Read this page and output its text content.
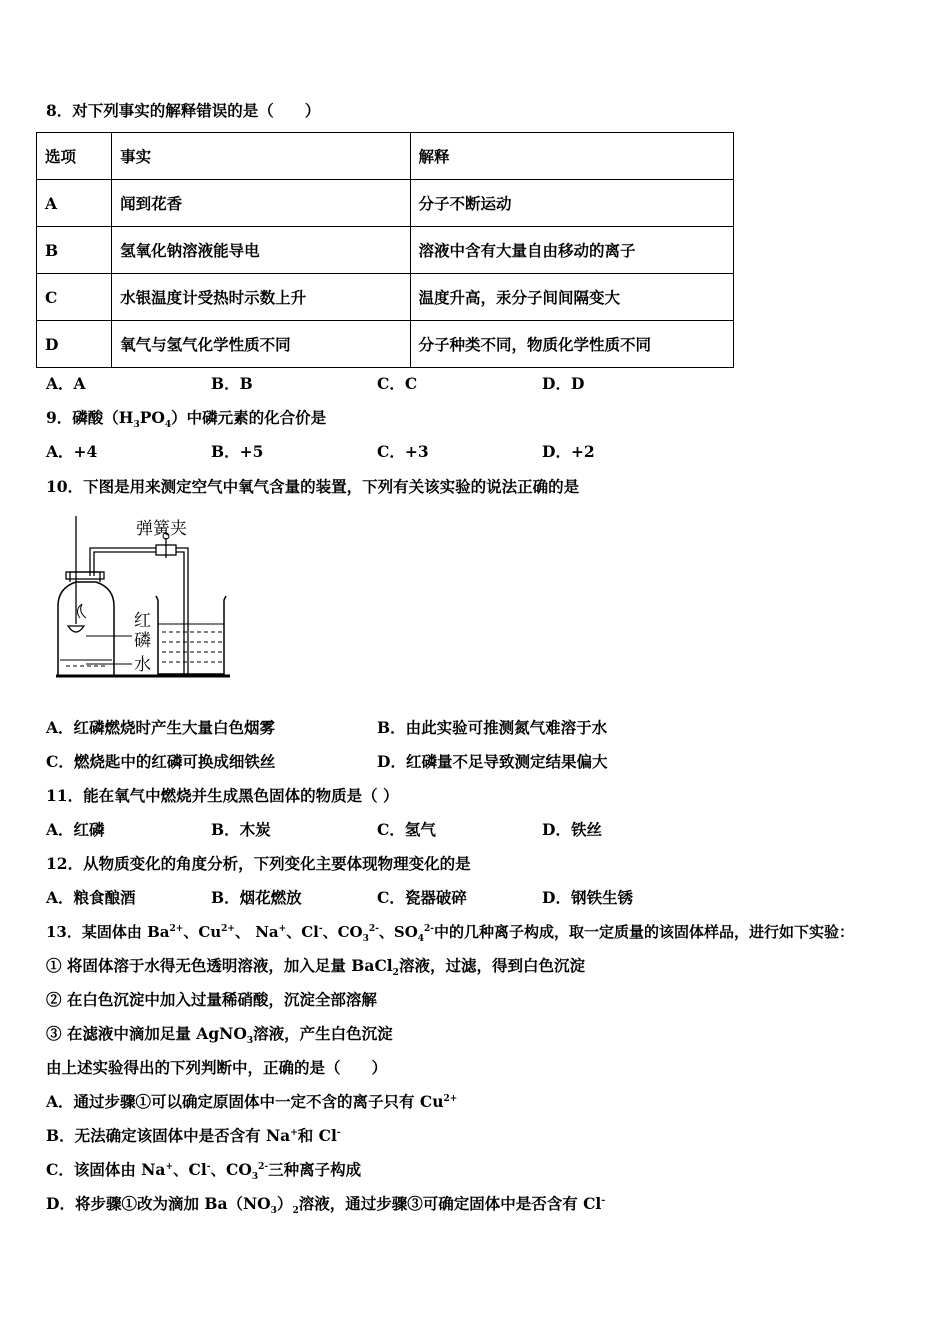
8．对下列事实的解释错误的是（　　）
选项	事实	解释
A	闻到花香	分子不断运动
B	氢氧化钠溶液能导电	溶液中含有大量自由移动的离子
C	水银温度计受热时示数上升	温度升高，汞分子间间隔变大
D	氧气与氢气化学性质不同	分子种类不同，物质化学性质不同
A．A	B．B	C．C	D．D
9．磷酸$(H_3PO_4)$中磷元素的化合价是
A．+4	B．+5	C．+3	D．+2
10．下图是用来测定空气中氧气含量的装置，下列有关该实验的说法正确的是
弹簧夹
红
磷
水
A．红磷燃烧时产生大量白色烟雾	B．由此实验可推测氮气难溶于水
C．燃烧匙中的红磷可换成细铁丝	D．红磷量不足导致测定结果偏大
11．能在氧气中燃烧并生成黑色固体的物质是（ ）
A．红磷	B．木炭	C．氢气	D．铁丝
12．从物质变化的角度分析，下列变化主要体现物理变化的是
A．粮食酿酒	B．烟花燃放	C．瓷器破碎	D．钢铁生锈
13．某固体由 $Ba^{2+}$、$Cu^{2+}$、 Na+、Cl-、$CO_3^{2-}$、$SO_4^{2-}$中的几种离子构成，取一定质量的该固体样品，进行如下实验：
① 将固体溶于水得无色透明溶液，加入足量 BaCl$_2$溶液，过滤，得到白色沉淀
② 在白色沉淀中加入过量稀硝酸，沉淀全部溶解
③ 在滤液中滴加足量 AgNO$_3$溶液，产生白色沉淀
由上述实验得出的下列判断中，正确的是（　　）
A．通过步骤①可以确定原固体中一定不含的离子只有 $Cu^{2+}$
B．无法确定该固体中是否含有 Na+和 Cl-
C．该固体由 Na+、Cl-、$CO_3^{2-}$三种离子构成
D．将步骤①改为滴加 $Ba(NO_3)_2$溶液，通过步骤③可确定固体中是否含有 Cl-
